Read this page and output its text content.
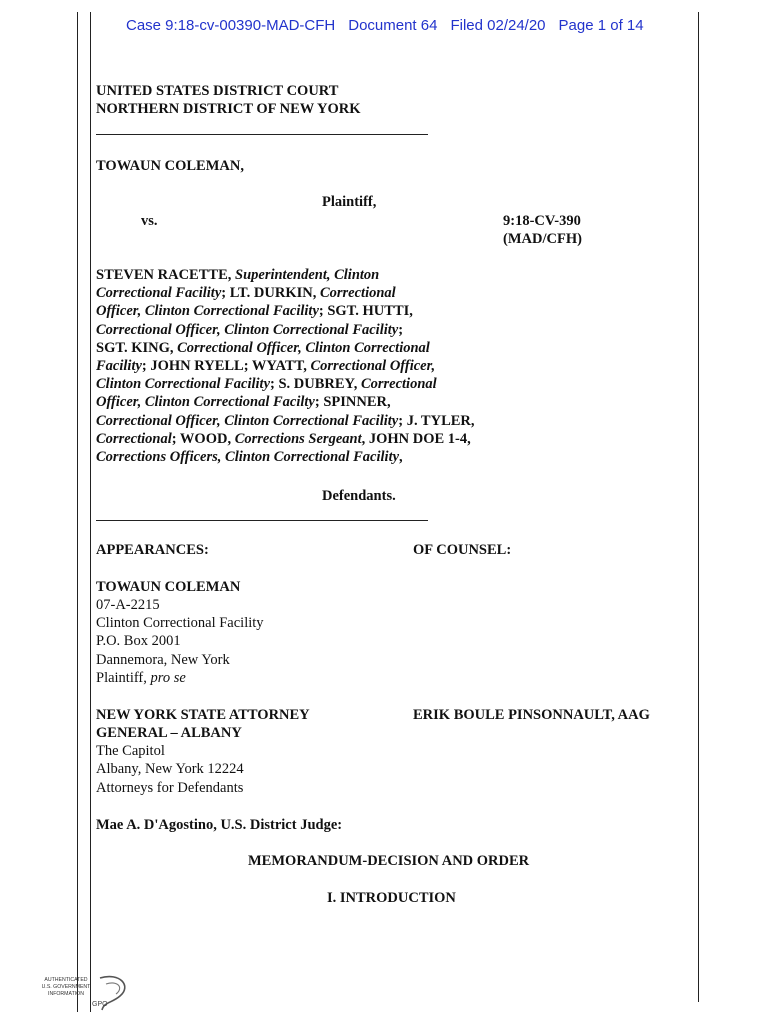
Case 9:18-cv-00390-MAD-CFH Document 64 Filed 02/24/20 Page 1 of 14
UNITED STATES DISTRICT COURT
NORTHERN DISTRICT OF NEW YORK
TOWAUN COLEMAN,
Plaintiff,
vs.	9:18-CV-390
(MAD/CFH)
STEVEN RACETTE, Superintendent, Clinton
Correctional Facility; LT. DURKIN, Correctional
Officer, Clinton Correctional Facility; SGT. HUTTI,
Correctional Officer, Clinton Correctional Facility;
SGT. KING, Correctional Officer, Clinton Correctional
Facility; JOHN RYELL; WYATT, Correctional Officer,
Clinton Correctional Facility; S. DUBREY, Correctional
Officer, Clinton Correctional Facilty; SPINNER,
Correctional Officer, Clinton Correctional Facility; J. TYLER,
Correctional; WOOD, Corrections Sergeant, JOHN DOE 1-4,
Corrections Officers, Clinton Correctional Facility,
Defendants.
APPEARANCES:	OF COUNSEL:
TOWAUN COLEMAN
07-A-2215
Clinton Correctional Facility
P.O. Box 2001
Dannemora, New York
Plaintiff, pro se
NEW YORK STATE ATTORNEY
GENERAL – ALBANY
The Capitol
Albany, New York 12224
Attorneys for Defendants
ERIK BOULE PINSONNAULT, AAG
Mae A. D'Agostino, U.S. District Judge:
MEMORANDUM-DECISION AND ORDER
I. INTRODUCTION
AUTHENTICATED
U.S. GOVERNMENT
INFORMATION
GPO
